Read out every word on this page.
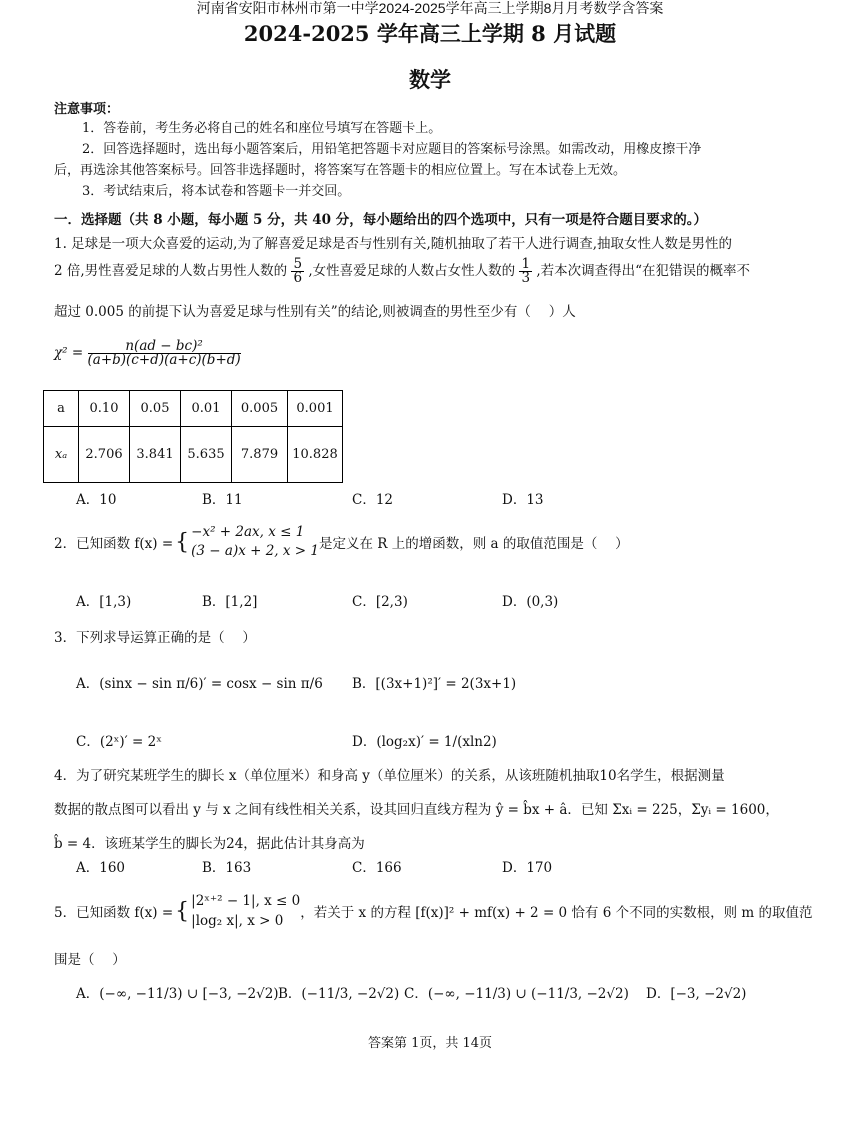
河南省安阳市林州市第一中学2024-2025学年高三上学期8月月考数学含答案
2024-2025 学年高三上学期 8 月试题
数学
注意事项：
1．答卷前，考生务必将自己的姓名和座位号填写在答题卡上。
2．回答选择题时，选出每小题答案后，用铅笔把答题卡对应题目的答案标号涂黑。如需改动，用橡皮擦干净
后，再选涂其他答案标号。回答非选择题时，将答案写在答题卡的相应位置上。写在本试卷上无效。
3．考试结束后，将本试卷和答题卡一并交回。
一．选择题（共 8 小题，每小题 5 分，共 40 分，每小题给出的四个选项中，只有一项是符合题目要求的。）
1. 足球是一项大众喜爱的运动,为了解喜爱足球是否与性别有关,随机抽取了若干人进行调查,抽取女性人数是男性的
2 倍,男性喜爱足球的人数占男性人数的 $\frac{5}{6}$ ,女性喜爱足球的人数占女性人数的 $\frac{1}{3}$ ,若本次调查得出“在犯错误的概率不
超过 0.005 的前提下认为喜爱足球与性别有关”的结论,则被调查的男性至少有（　 ）人
$\chi^2 = \frac{\text{n(ad − bc)²}}{(a+b)(c+d)(a+c)(b+d)}$
a	0.10	0.05	0.01	0.005	0.001
xₐ	2.706	3.841	5.635	7.879	10.828
A．10	B．11	C．12	D．13
2．已知函数 f(x) = { −x² + 2ax, x ≤ 1
(3 − a)x + 2, x > 1 是定义在 R 上的增函数，则 a 的取值范围是（　 ）
A．[1,3)	B．[1,2]	C．[2,3)	D．(0,3)
3．下列求导运算正确的是（　 ）
A．(sinx − sin π/6)′ = cosx − sin π/6 B．[(3x+1)²]′ = 2(3x+1)
C．(2ˣ)′ = 2ˣ	D．(log₂x)′ = 1/(xln2)
4．为了研究某班学生的脚长 x（单位厘米）和身高 y（单位厘米）的关系，从该班随机抽取10名学生，根据测量
数据的散点图可以看出 y 与 x 之间有线性相关关系，设其回归直线方程为 ŷ = b̂x + â．已知 Σxᵢ = 225，Σyᵢ = 1600，
b̂ = 4．该班某学生的脚长为24，据此估计其身高为
A．160	B．163	C．166	D．170
5．已知函数 f(x) = { |2ˣ⁺² − 1|, x ≤ 0
|log₂ x|, x > 0	，若关于 x 的方程 [f(x)]² + mf(x) + 2 = 0 恰有 6 个不同的实数根，则 m 的取值范
围是（　 ）
A．(−∞, −11/3) ∪ [−3, −2√2) B．(−11/3, −2√2) C．(−∞, −11/3) ∪ (−11/3, −2√2) D．[−3, −2√2)
答案第 1页，共 14页
